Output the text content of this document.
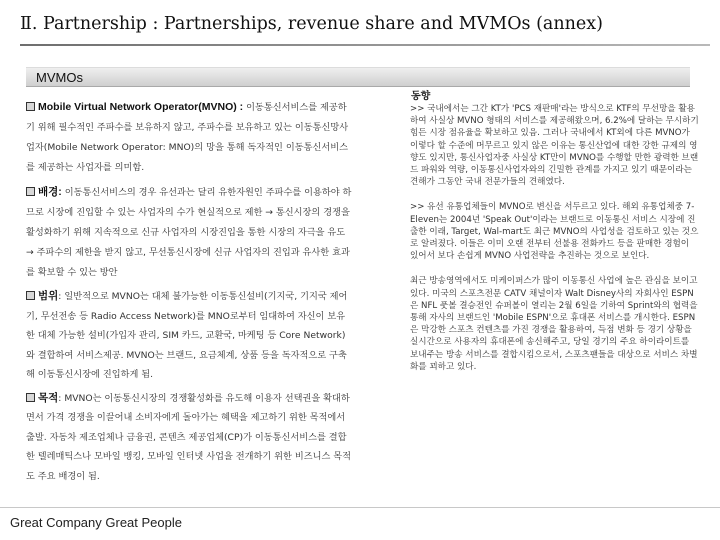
Ⅱ. Partnership : Partnerships, revenue share and MVMOs (annex)
MVMOs

Mobile Virtual Network Operator(MVNO) : 이동통신서비스를 제공하기 위해 필수적인 주파수를 보유하지 않고, 주파수를 보유하고 있는 이동통신망사업자(Mobile Network Operator: MNO)의 망을 통해 독자적인 이동통신서비스를 제공하는 사업자를 의미함.

배경: 이동통신서비스의 경우 유선과는 달리 유한자원인 주파수를 이용하야 하므로 시장에 진입할 수 있는 사업자의 수가 현실적으로 제한 → 통신시장의 경쟁을 활성화하기 위해 지속적으로 신규 사업자의 시장진입을 통한 시장의 자극을 유도 → 주파수의 제한을 받지 않고, 무선통신시장에 신규 사업자의 진입과 유사한 효과를 확보할 수 있는 방안

범위: 일반적으로 MVNO는 대체 불가능한 이동통신설비(기지국, 기지국 제어기, 무선전송 등 Radio Access Network)를 MNO로부터 임대하여 자신이 보유한 대체 가능한 설비(가입자 관리, SIM 카드, 교환국, 마케팅 등 Core Network)와 결합하여 서비스제공. MVNO는 브랜드, 요금체계, 상품 등을 독자적으로 구축해 이동통신시장에 진입하게 됨.

목적: MVNO는 이동통신시장의 경쟁활성화를 유도해 이용자 선택권을 확대하면서 가격 경쟁을 이끌어내 소비자에게 돌아가는 혜택을 제고하기 위한 목적에서 출발. 자동차 제조업체나 금융권, 콘텐츠 제공업체(CP)가 이동통신서비스를 결합한 텔레매틱스나 모바일 뱅킹, 모바일 인터넷 사업을 전개하기 위한 비즈니스 목적도 주요 배경이 됨.

동향

>> 국내에서는 그간 KT가 'PCS 재판매'라는 방식으로 KTF의 무선망을 활용하여 사실상 MVNO 형태의 서비스를 제공해왔으며, 6.2%에 달하는 무시하기 힘든 시장 점유율을 확보하고 있음. 그러나 국내에서 KT외에 다른 MVNO가 이렇다 할 수준에 머무르고 있지 않은 이유는 통신산업에 대한 강한 규제의 영향도 있지만, 통신사업자중 사실상 KT만이 MVNO를 수행할 만한 광력한 브랜드 파워와 역량, 이동통신사업자와의 긴밀한 관계를 가지고 있기 때문이라는 견해가 그동안 국내 전문가들의 견해였다.

>> 유선 유통업체들이 MVNO로 변신을 서두르고 있다. 해외 유통업체중 7-Eleven는 2004년 'Speak Out'이라는 브랜드로 이동통신 서비스 시장에 진출한 이래, Target, Wal-mart도 최근 MVNO의 사업성을 검토하고 있는 것으로 알려졌다. 이들은 이미 오랜 전부터 선불용 전화카드 등을 판매한 경험이 있어서 보다 손쉽게 MVNO 사업전략을 추진하는 것으로 보인다.

최근 방송영역에서도 미케이퍼스가 많이 이동통신 사업에 높은 관심을 보이고 있다. 미국의 스포츠전문 CATV 채널이자 Walt Disney사의 자회사인 ESPN은 NFL 풋볼 결승전인 슈퍼볼이 열리는 2월 6일을 기하여 Sprint와의 협력을 통해 자사의 브랜드인 'Mobile ESPN'으로 휴대폰 서비스를 개시한다. ESPN은 막강한 스포츠 컨텐츠를 가진 경쟁을 활용하여, 득점 변화 등 경기 상황을 실시간으로 사용자의 휴대폰에 송신해주고, 당일 경기의 주요 하이라이트를 보내주는 방송 서비스를 결합시킴으로서, 스포츠팬들을 대상으로 서비스 차별화를 꾀하고 있다.

Great Company Great People
